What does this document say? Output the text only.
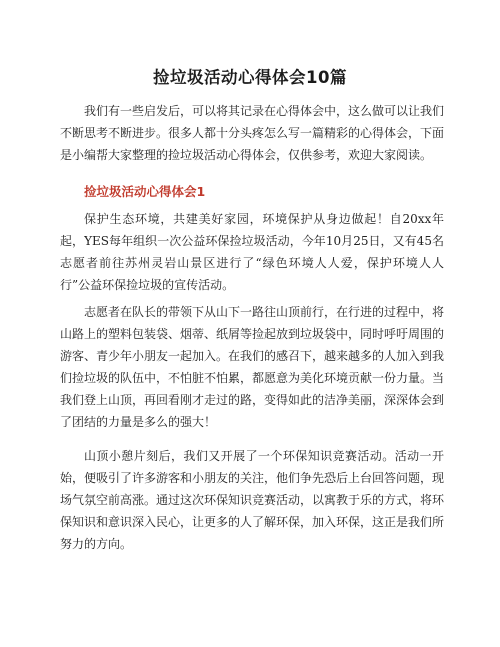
捡垃圾活动心得体会10篇

我们有一些启发后，可以将其记录在心得体会中，这么做可以让我们不断思考不断进步。很多人都十分头疼怎么写一篇精彩的心得体会，下面是小编帮大家整理的捡垃圾活动心得体会，仅供参考，欢迎大家阅读。

捡垃圾活动心得体会1

保护生态环境，共建美好家园，环境保护从身边做起！自20xx年起，YES每年组织一次公益环保捡垃圾活动，今年10月25日，又有45名志愿者前往苏州灵岩山景区进行了“绿色环境人人爱，保护环境人人行”公益环保捡垃圾的宣传活动。

志愿者在队长的带领下从山下一路往山顶前行，在行进的过程中，将山路上的塑料包装袋、烟蒂、纸屑等捡起放到垃圾袋中，同时呼吁周围的游客、青少年小朋友一起加入。在我们的感召下，越来越多的人加入到我们捡垃圾的队伍中，不怕脏不怕累，都愿意为美化环境贡献一份力量。当我们登上山顶，再回看刚才走过的路，变得如此的洁净美丽，深深体会到了团结的力量是多么的强大！

山顶小憩片刻后，我们又开展了一个环保知识竞赛活动。活动一开始，便吸引了许多游客和小朋友的关注，他们争先恐后上台回答问题，现场气氛空前高涨。通过这次环保知识竞赛活动，以寓教于乐的方式，将环保知识和意识深入民心，让更多的人了解环保，加入环保，这正是我们所努力的方向。
